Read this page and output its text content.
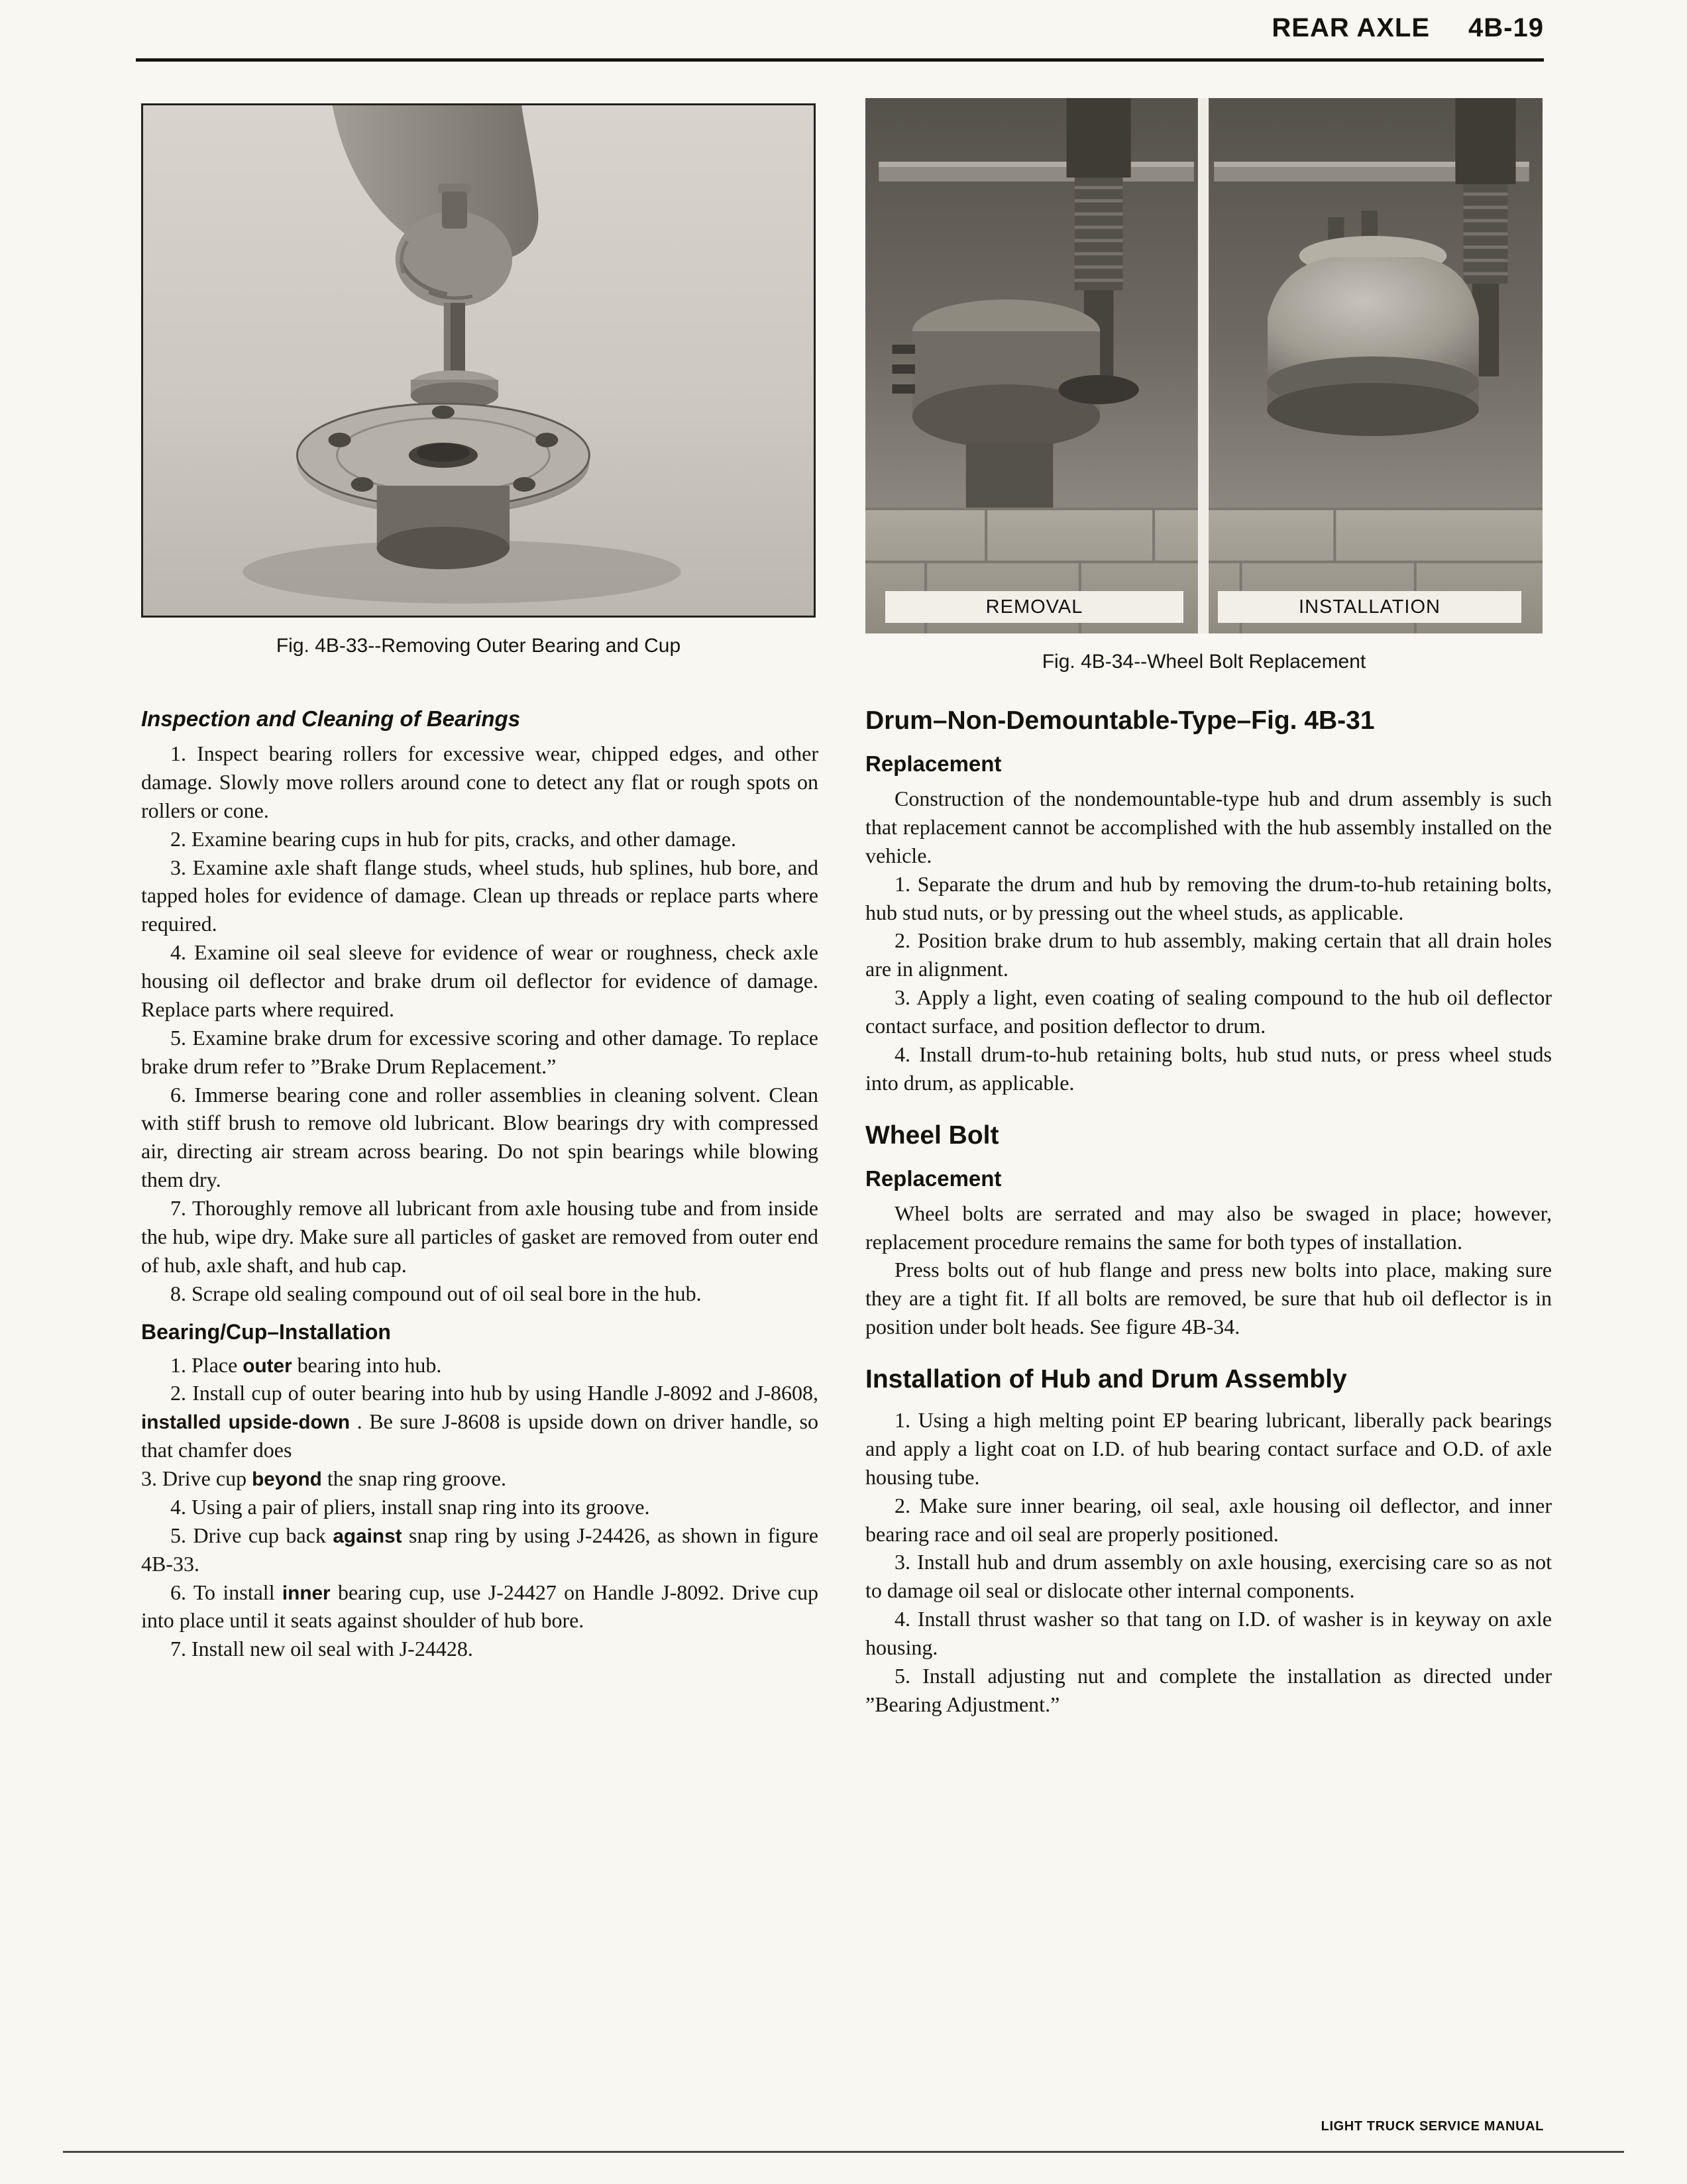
REAR AXLE 4B-19
Fig. 4B-33--Removing Outer Bearing and Cup
REMOVAL	INSTALLATION
Fig. 4B-34--Wheel Bolt Replacement
Inspection and Cleaning of Bearings

1. Inspect bearing rollers for excessive wear, chipped edges, and other damage. Slowly move rollers around cone to detect any flat or rough spots on rollers or cone.

2. Examine bearing cups in hub for pits, cracks, and other damage.

3. Examine axle shaft flange studs, wheel studs, hub splines, hub bore, and tapped holes for evidence of damage. Clean up threads or replace parts where required.

4. Examine oil seal sleeve for evidence of wear or roughness, check axle housing oil deflector and brake drum oil deflector for evidence of damage. Replace parts where required.

5. Examine brake drum for excessive scoring and other damage. To replace brake drum refer to ”Brake Drum Replacement.”

6. Immerse bearing cone and roller assemblies in cleaning solvent. Clean with stiff brush to remove old lubricant. Blow bearings dry with compressed air, directing air stream across bearing. Do not spin bearings while blowing them dry.

7. Thoroughly remove all lubricant from axle housing tube and from inside the hub, wipe dry. Make sure all particles of gasket are removed from outer end of hub, axle shaft, and hub cap.

8. Scrape old sealing compound out of oil seal bore in the hub.

Bearing/Cup–Installation

1. Place outer bearing into hub.

2. Install cup of outer bearing into hub by using Handle J-8092 and J-8608, installed upside-down . Be sure J-8608 is upside down on driver handle, so that chamfer does

3. Drive cup beyond the snap ring groove.

4. Using a pair of pliers, install snap ring into its groove.

5. Drive cup back against snap ring by using J-24426, as shown in figure 4B-33.

6. To install inner bearing cup, use J-24427 on Handle J-8092. Drive cup into place until it seats against shoulder of hub bore.

7. Install new oil seal with J-24428.

Drum–Non-Demountable-Type–Fig. 4B-31
Replacement

Construction of the nondemountable-type hub and drum assembly is such that replacement cannot be accomplished with the hub assembly installed on the vehicle.

1. Separate the drum and hub by removing the drum-to-hub retaining bolts, hub stud nuts, or by pressing out the wheel studs, as applicable.

2. Position brake drum to hub assembly, making certain that all drain holes are in alignment.

3. Apply a light, even coating of sealing compound to the hub oil deflector contact surface, and position deflector to drum.

4. Install drum-to-hub retaining bolts, hub stud nuts, or press wheel studs into drum, as applicable.

Wheel Bolt
Replacement

Wheel bolts are serrated and may also be swaged in place; however, replacement procedure remains the same for both types of installation.

Press bolts out of hub flange and press new bolts into place, making sure they are a tight fit. If all bolts are removed, be sure that hub oil deflector is in position under bolt heads. See figure 4B-34.

Installation of Hub and Drum Assembly

1. Using a high melting point EP bearing lubricant, liberally pack bearings and apply a light coat on I.D. of hub bearing contact surface and O.D. of axle housing tube.

2. Make sure inner bearing, oil seal, axle housing oil deflector, and inner bearing race and oil seal are properly positioned.

3. Install hub and drum assembly on axle housing, exercising care so as not to damage oil seal or dislocate other internal components.

4. Install thrust washer so that tang on I.D. of washer is in keyway on axle housing.

5. Install adjusting nut and complete the installation as directed under ”Bearing Adjustment.”

LIGHT TRUCK SERVICE MANUAL
